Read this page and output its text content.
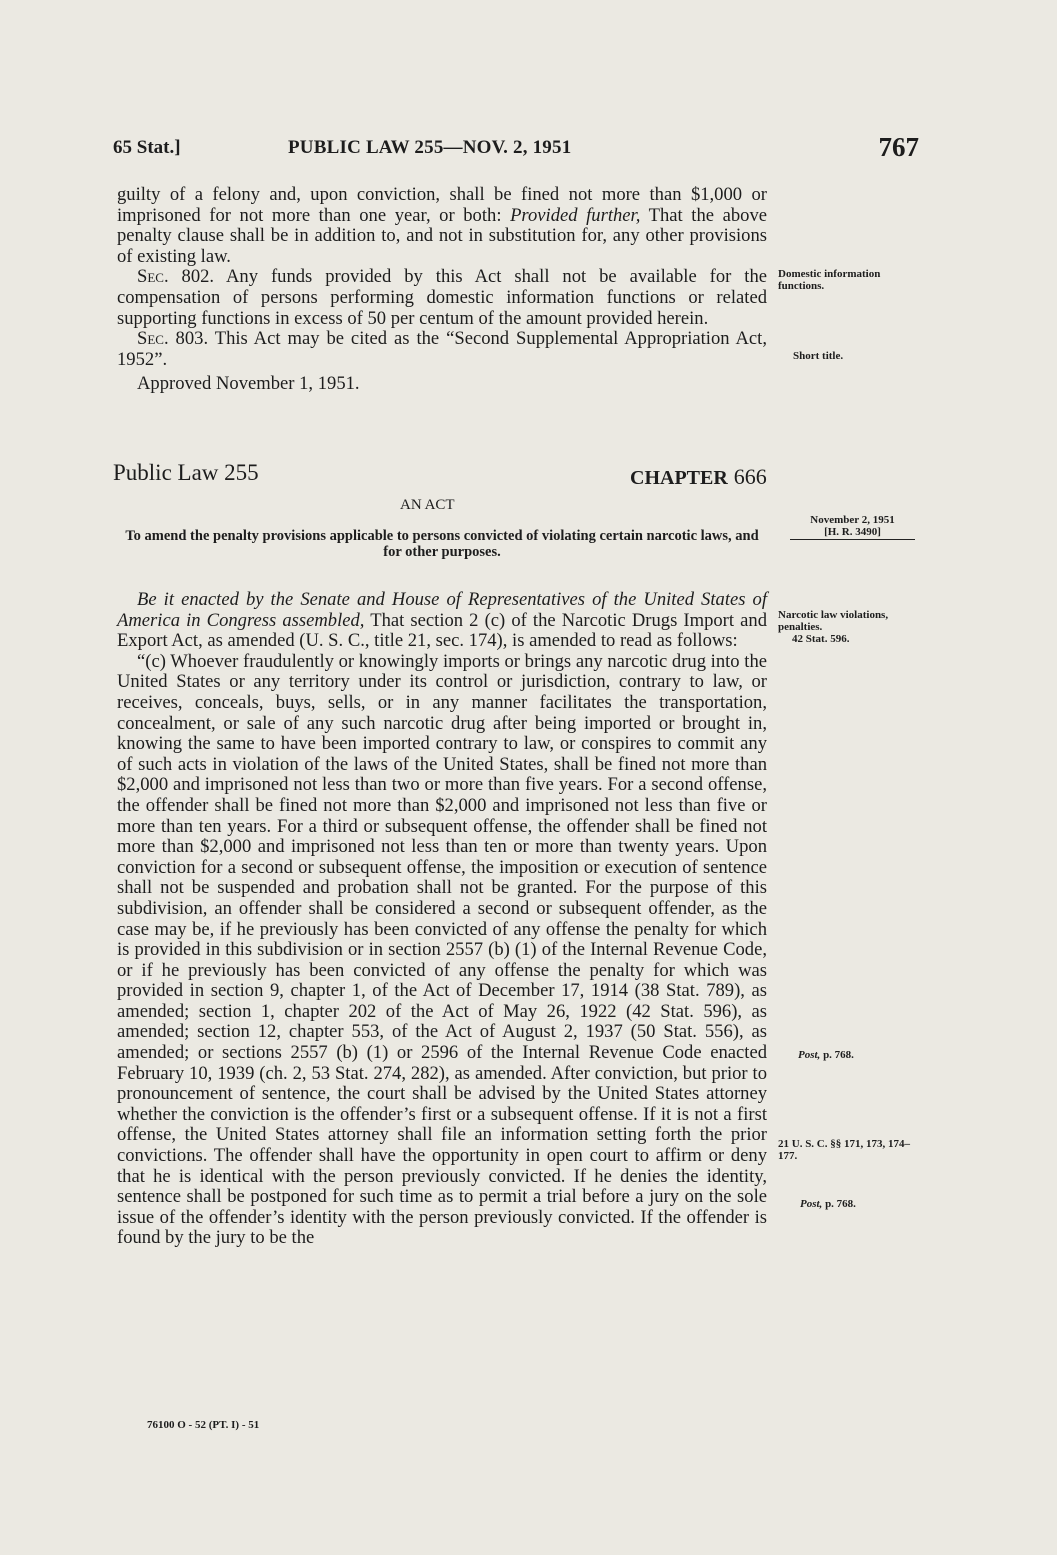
65 Stat.]	PUBLIC LAW 255—NOV. 2, 1951	767

guilty of a felony and, upon conviction, shall be fined not more than $1,000 or imprisoned for not more than one year, or both: Provided further, That the above penalty clause shall be in addition to, and not in substitution for, any other provisions of existing law.

Sec. 802. Any funds provided by this Act shall not be available for the compensation of persons performing domestic information functions or related supporting functions in excess of 50 per centum of the amount provided herein.

Sec. 803. This Act may be cited as the “Second Supplemental Appropriation Act, 1952”.

Approved November 1, 1951.

Public Law 255	CHAPTER 666
AN ACT
To amend the penalty provisions applicable to persons convicted of violating certain narcotic laws, and for other purposes.

Be it enacted by the Senate and House of Representatives of the United States of America in Congress assembled, That section 2 (c) of the Narcotic Drugs Import and Export Act, as amended (U. S. C., title 21, sec. 174), is amended to read as follows:

“(c) Whoever fraudulently or knowingly imports or brings any narcotic drug into the United States or any territory under its control or jurisdiction, contrary to law, or receives, conceals, buys, sells, or in any manner facilitates the transportation, concealment, or sale of any such narcotic drug after being imported or brought in, knowing the same to have been imported contrary to law, or conspires to commit any of such acts in violation of the laws of the United States, shall be fined not more than $2,000 and imprisoned not less than two or more than five years. For a second offense, the offender shall be fined not more than $2,000 and imprisoned not less than five or more than ten years. For a third or subsequent offense, the offender shall be fined not more than $2,000 and imprisoned not less than ten or more than twenty years. Upon conviction for a second or subsequent offense, the imposition or execution of sentence shall not be suspended and probation shall not be granted. For the purpose of this subdivision, an offender shall be considered a second or subsequent offender, as the case may be, if he previously has been convicted of any offense the penalty for which is provided in this subdivision or in section 2557 (b) (1) of the Internal Revenue Code, or if he previously has been convicted of any offense the penalty for which was provided in section 9, chapter 1, of the Act of December 17, 1914 (38 Stat. 789), as amended; section 1, chapter 202 of the Act of May 26, 1922 (42 Stat. 596), as amended; section 12, chapter 553, of the Act of August 2, 1937 (50 Stat. 556), as amended; or sections 2557 (b) (1) or 2596 of the Internal Revenue Code enacted February 10, 1939 (ch. 2, 53 Stat. 274, 282), as amended. After conviction, but prior to pronouncement of sentence, the court shall be advised by the United States attorney whether the conviction is the offender’s first or a subsequent offense. If it is not a first offense, the United States attorney shall file an information setting forth the prior convictions. The offender shall have the opportunity in open court to affirm or deny that he is identical with the person previously convicted. If he denies the identity, sentence shall be postponed for such time as to permit a trial before a jury on the sole issue of the offender’s identity with the person previously convicted. If the offender is found by the jury to be the

Domestic information functions.
Short title.
November 2, 1951
[H. R. 3490]
Narcotic law violations, penalties.
42 Stat. 596.
Post, p. 768.
21 U. S. C. §§ 171, 173, 174–177.
Post, p. 768.
76100 O - 52 (PT. I) - 51
